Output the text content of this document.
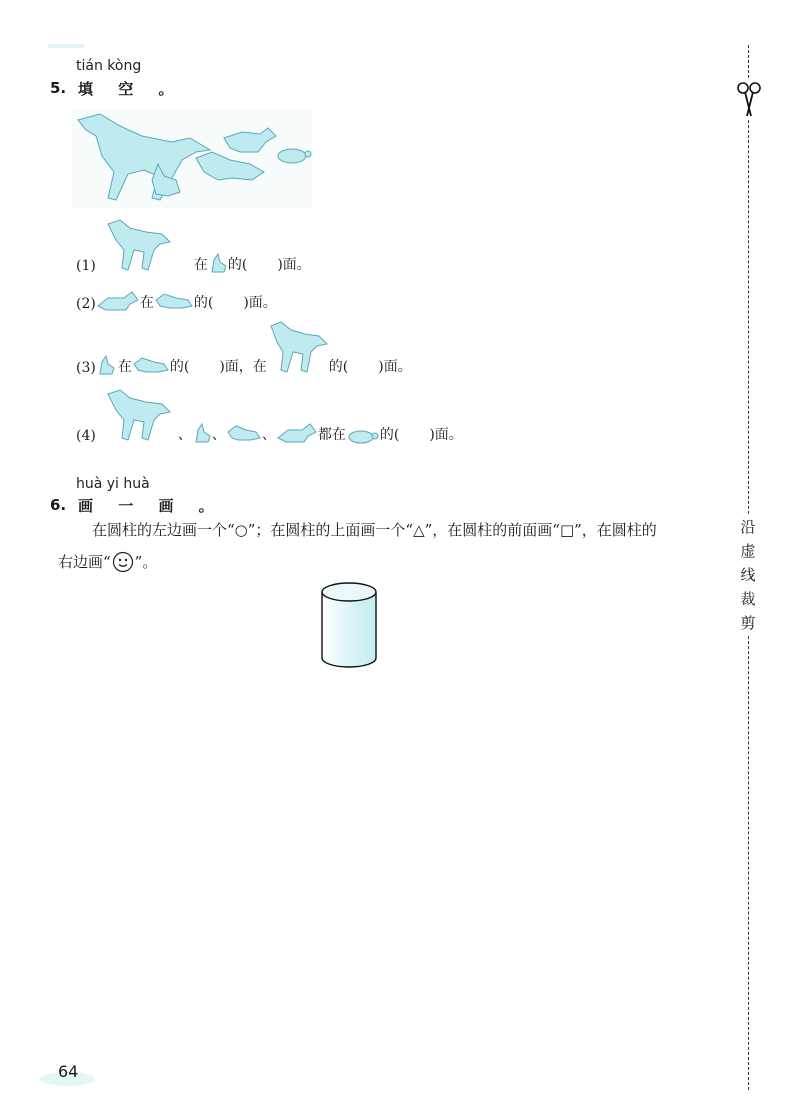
tián kòng
5. 填 空 。
(1)	在 的( )面。
(2)	在	的( )面。
(3) 在	的( )面，在	的( )面。
(4)	、 、	、	都在 的( )面。
huà yi huà
6. 画 一 画 。
在圆柱的左边画一个“○”；在圆柱的上面画一个“△”，在圆柱的前面画“□”，在圆柱的
右边画“ ”。
沿虚线裁剪
64
